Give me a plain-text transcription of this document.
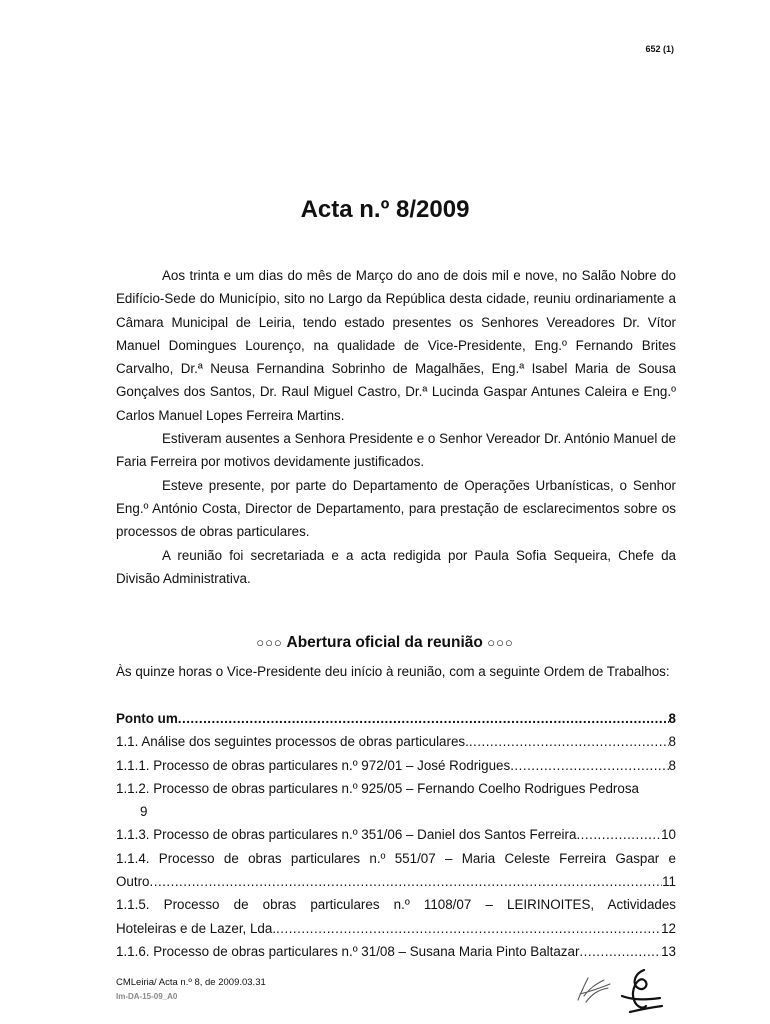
652 (1)
Acta n.º 8/2009

Aos trinta e um dias do mês de Março do ano de dois mil e nove, no Salão Nobre do Edifício-Sede do Município, sito no Largo da República desta cidade, reuniu ordinariamente a Câmara Municipal de Leiria, tendo estado presentes os Senhores Vereadores Dr. Vítor Manuel Domingues Lourenço, na qualidade de Vice-Presidente, Eng.º Fernando Brites Carvalho, Dr.ª Neusa Fernandina Sobrinho de Magalhães, Eng.ª Isabel Maria de Sousa Gonçalves dos Santos, Dr. Raul Miguel Castro, Dr.ª Lucinda Gaspar Antunes Caleira e Eng.º Carlos Manuel Lopes Ferreira Martins.

Estiveram ausentes a Senhora Presidente e o Senhor Vereador Dr. António Manuel de Faria Ferreira por motivos devidamente justificados.

Esteve presente, por parte do Departamento de Operações Urbanísticas, o Senhor Eng.º António Costa, Director de Departamento, para prestação de esclarecimentos sobre os processos de obras particulares.

A reunião foi secretariada e a acta redigida por Paula Sofia Sequeira, Chefe da Divisão Administrativa.

○○○ Abertura oficial da reunião ○○○
Às quinze horas o Vice-Presidente deu início à reunião, com a seguinte Ordem de Trabalhos:
Ponto um .....	8
1.1. Análise dos seguintes processos de obras particulares. .....	8
1.1.1. Processo de obras particulares n.º 972/01 – José Rodrigues .....	8
1.1.2. Processo de obras particulares n.º 925/05 – Fernando Coelho Rodrigues Pedrosa
9
1.1.3. Processo de obras particulares n.º 351/06 – Daniel dos Santos Ferreira .....	10
1.1.4. Processo de obras particulares n.º 551/07 – Maria Celeste Ferreira Gaspar e
Outro .....	11
1.1.5. Processo de obras particulares n.º 1108/07 – LEIRINOITES, Actividades
Hoteleiras e de Lazer, Lda. .....	12
1.1.6. Processo de obras particulares n.º 31/08 – Susana Maria Pinto Baltazar .....	13
CMLeiria/ Acta n.º 8, de 2009.03.31
Im-DA-15-09_A0
